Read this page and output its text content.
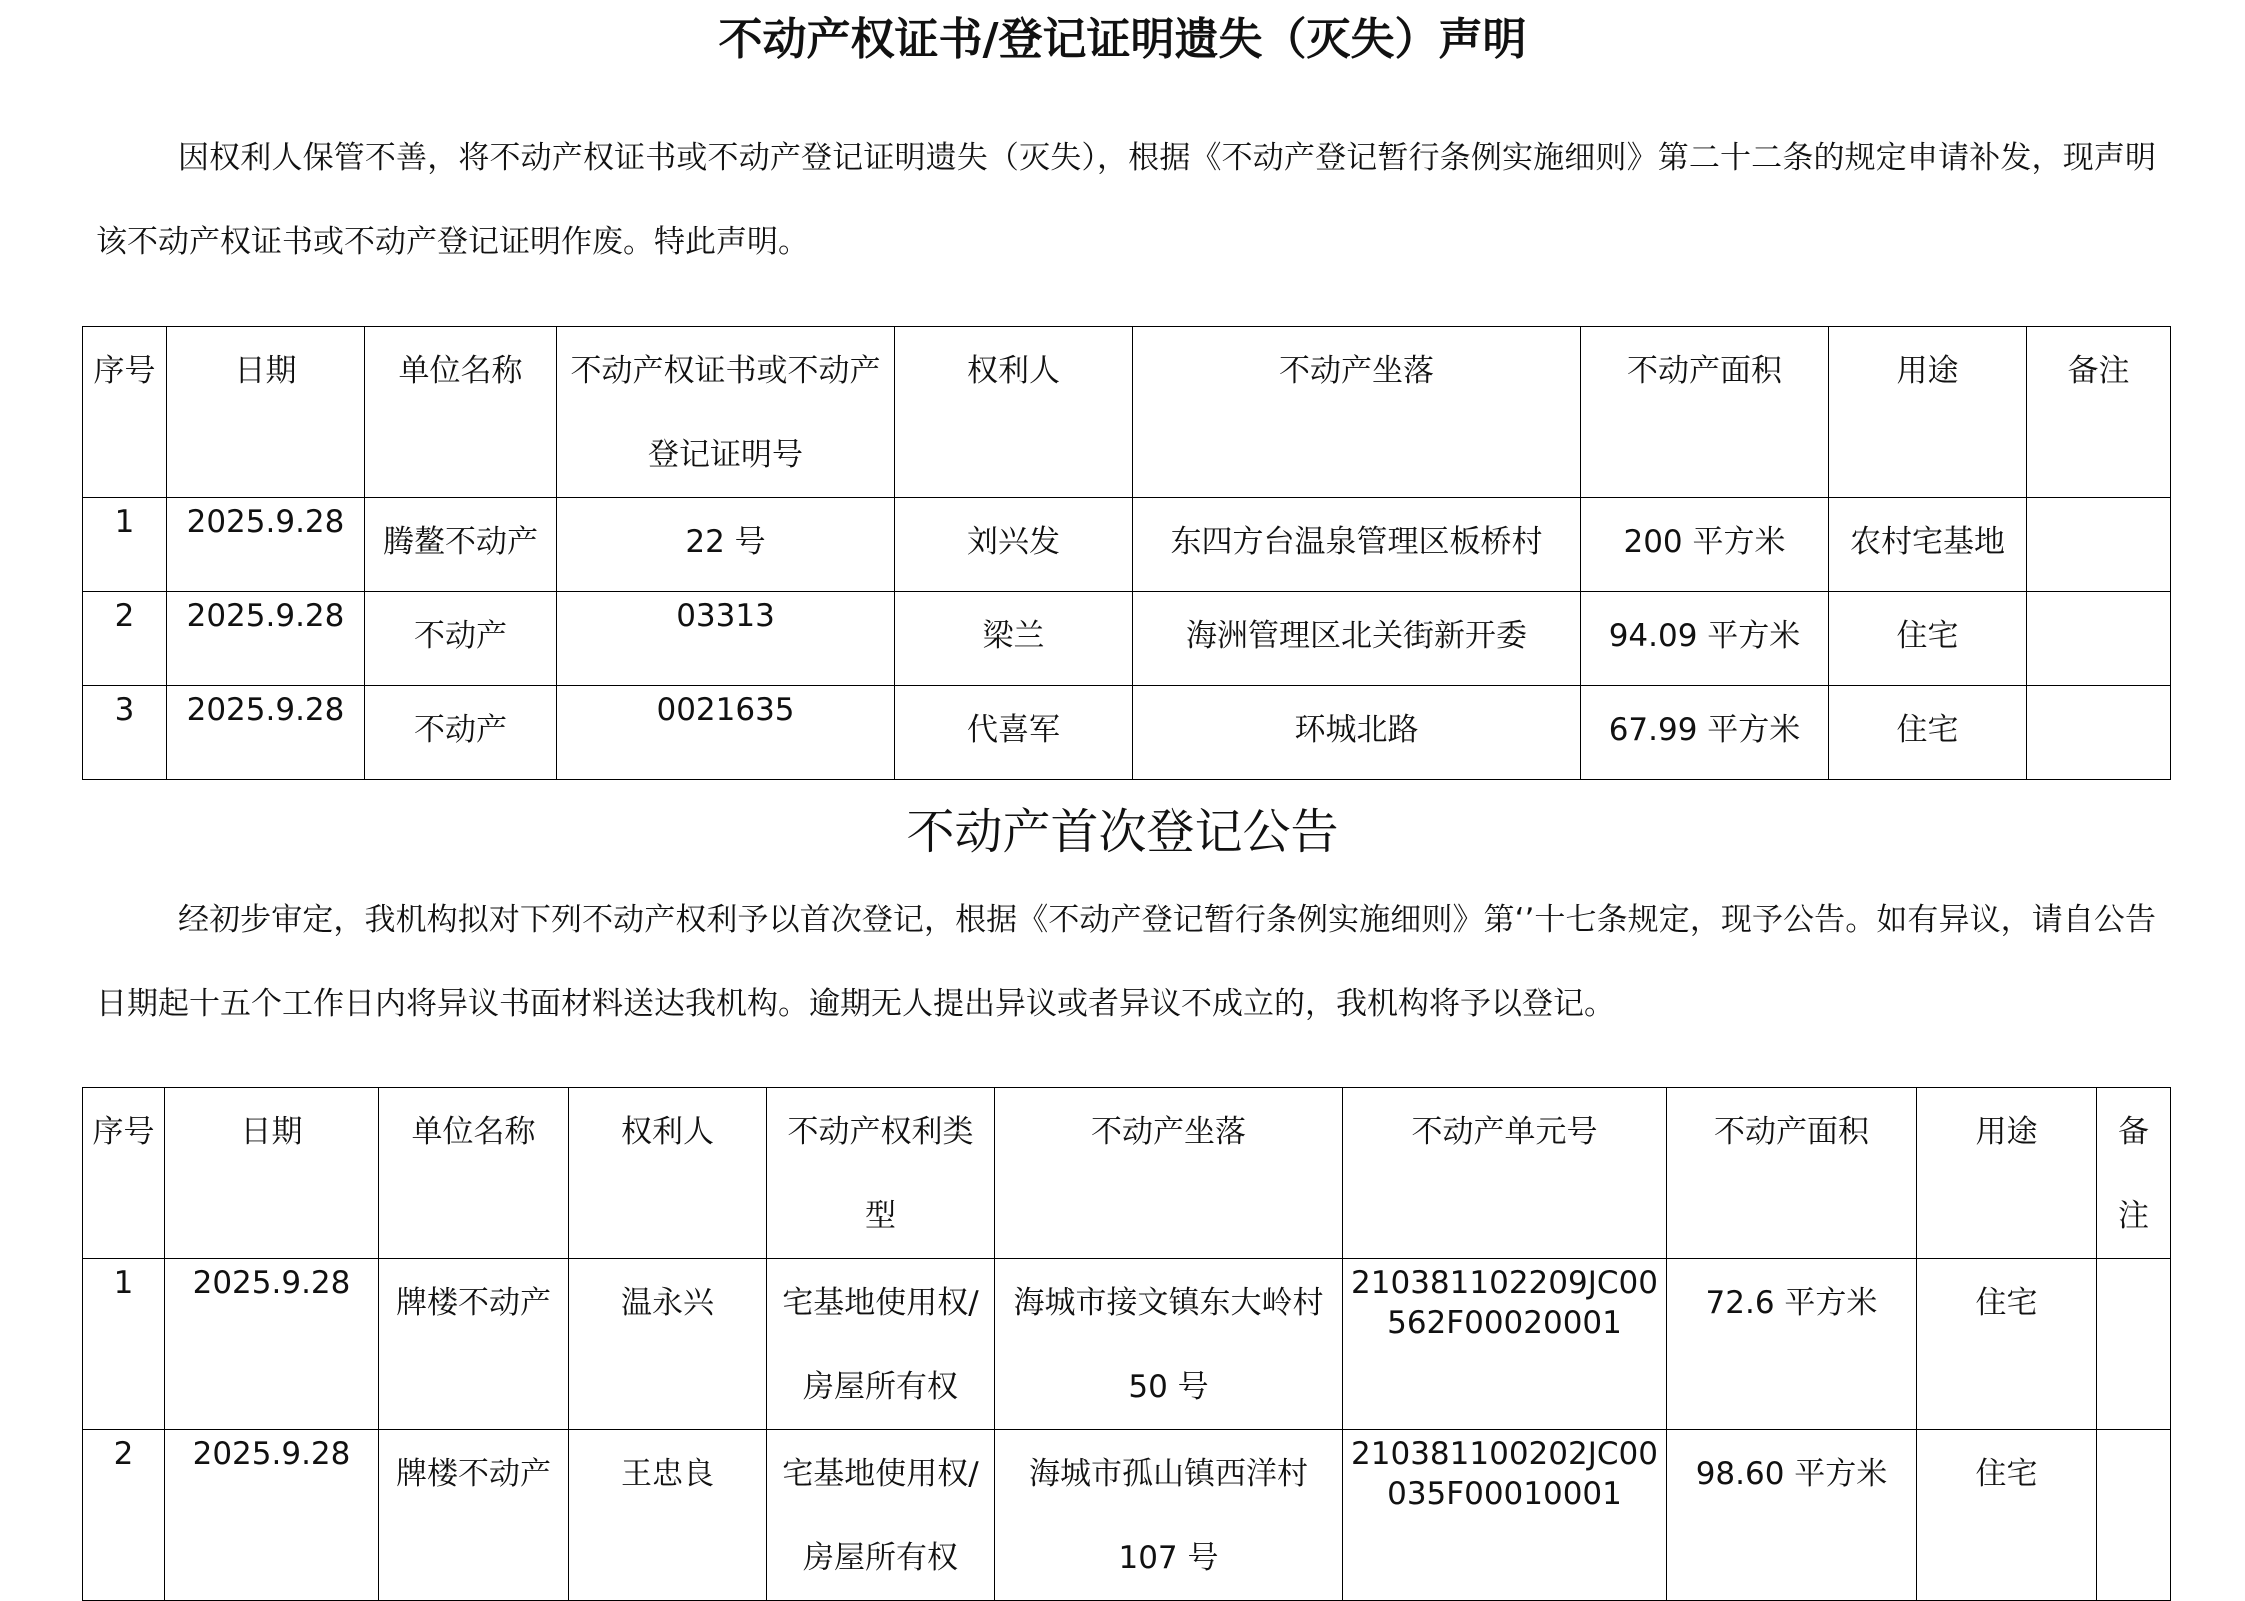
不动产权证书/登记证明遗失（灭失）声明
因权利人保管不善，将不动产权证书或不动产登记证明遗失（灭失），根据《不动产登记暂行条例实施细则》第二十二条的规定申请补发，现声明该不动产权证书或不动产登记证明作废。特此声明。
序号	日期	单位名称	不动产权证书或不动产登记证明号	权利人	不动产坐落	不动产面积	用途	备注
1	2025.9.28	腾鳌不动产	22 号	刘兴发	东四方台温泉管理区板桥村	200 平方米	农村宅基地	
2	2025.9.28	不动产	03313	梁兰	海洲管理区北关街新开委	94.09 平方米	住宅	
3	2025.9.28	不动产	0021635	代喜军	环城北路	67.99 平方米	住宅	
不动产首次登记公告
经初步审定，我机构拟对下列不动产权利予以首次登记，根据《不动产登记暂行条例实施细则》第‘’十七条规定，现予公告。如有异议，请自公告日期起十五个工作日内将异议书面材料送达我机构。逾期无人提出异议或者异议不成立的，我机构将予以登记。
序号	日期	单位名称	权利人	不动产权利类型	不动产坐落	不动产单元号	不动产面积	用途	备注
1	2025.9.28	牌楼不动产	温永兴	宅基地使用权/房屋所有权	海城市接文镇东大岭村 50 号	210381102209JC00562F00020001	72.6 平方米	住宅	
2	2025.9.28	牌楼不动产	王忠良	宅基地使用权/房屋所有权	海城市孤山镇西洋村 107 号	210381100202JC00035F00010001	98.60 平方米	住宅	
